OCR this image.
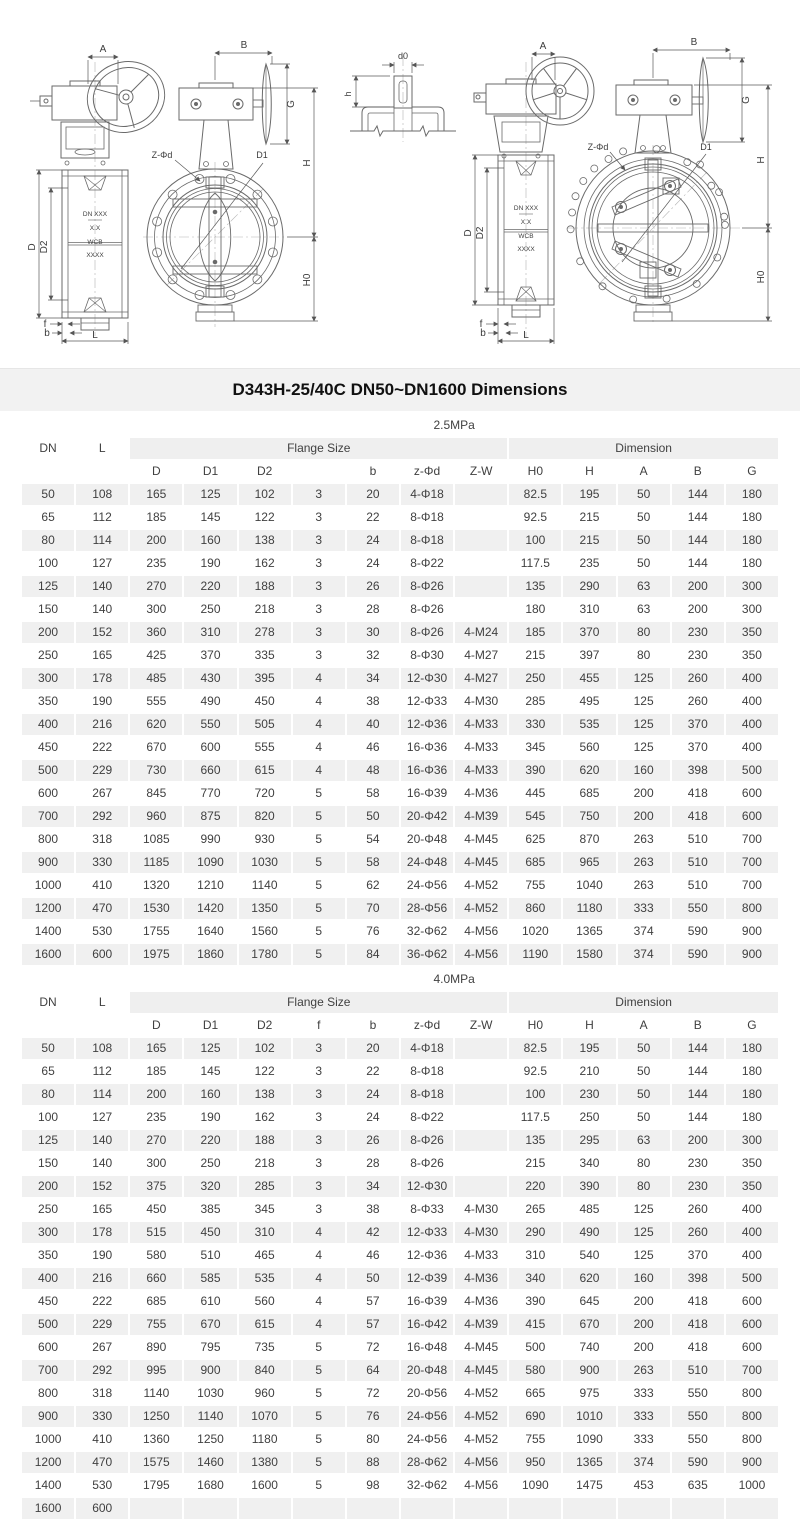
DN XXX
X.X
WCB
XXXX
A
D D2
f
b	L
B
G
H
H0
Z-Φd	D1
d0
h
DN XXX
X.X
WCB
XXXX
A
D D2
f
b	L
B
G
H
H0
Z-Φd	D1
D343H-25/40C DN50~DN1600 Dimensions
DN	L	2.5MPa											
		Flange Size							Dimension				
		D	D1	D2		b	z-Φd	Z-W	H0	H	A	B	G
50	108	165	125	102	3	20	4-Φ18		82.5	195	50	144	180
65	112	185	145	122	3	22	8-Φ18		92.5	215	50	144	180
80	114	200	160	138	3	24	8-Φ18		100	215	50	144	180
100	127	235	190	162	3	24	8-Φ22		117.5	235	50	144	180
125	140	270	220	188	3	26	8-Φ26		135	290	63	200	300
150	140	300	250	218	3	28	8-Φ26		180	310	63	200	300
200	152	360	310	278	3	30	8-Φ26	4-M24	185	370	80	230	350
250	165	425	370	335	3	32	8-Φ30	4-M27	215	397	80	230	350
300	178	485	430	395	4	34	12-Φ30	4-M27	250	455	125	260	400
350	190	555	490	450	4	38	12-Φ33	4-M30	285	495	125	260	400
400	216	620	550	505	4	40	12-Φ36	4-M33	330	535	125	370	400
450	222	670	600	555	4	46	16-Φ36	4-M33	345	560	125	370	400
500	229	730	660	615	4	48	16-Φ36	4-M33	390	620	160	398	500
600	267	845	770	720	5	58	16-Φ39	4-M36	445	685	200	418	600
700	292	960	875	820	5	50	20-Φ42	4-M39	545	750	200	418	600
800	318	1085	990	930	5	54	20-Φ48	4-M45	625	870	263	510	700
900	330	1185	1090	1030	5	58	24-Φ48	4-M45	685	965	263	510	700
1000	410	1320	1210	1140	5	62	24-Φ56	4-M52	755	1040	263	510	700
1200	470	1530	1420	1350	5	70	28-Φ56	4-M52	860	1180	333	550	800
1400	530	1755	1640	1560	5	76	32-Φ62	4-M56	1020	1365	374	590	900
1600	600	1975	1860	1780	5	84	36-Φ62	4-M56	1190	1580	374	590	900
DN	L	4.0MPa											
		Flange Size							Dimension				
		D	D1	D2	f	b	z-Φd	Z-W	H0	H	A	B	G
50	108	165	125	102	3	20	4-Φ18		82.5	195	50	144	180
65	112	185	145	122	3	22	8-Φ18		92.5	210	50	144	180
80	114	200	160	138	3	24	8-Φ18		100	230	50	144	180
100	127	235	190	162	3	24	8-Φ22		117.5	250	50	144	180
125	140	270	220	188	3	26	8-Φ26		135	295	63	200	300
150	140	300	250	218	3	28	8-Φ26		215	340	80	230	350
200	152	375	320	285	3	34	12-Φ30		220	390	80	230	350
250	165	450	385	345	3	38	8-Φ33	4-M30	265	485	125	260	400
300	178	515	450	310	4	42	12-Φ33	4-M30	290	490	125	260	400
350	190	580	510	465	4	46	12-Φ36	4-M33	310	540	125	370	400
400	216	660	585	535	4	50	12-Φ39	4-M36	340	620	160	398	500
450	222	685	610	560	4	57	16-Φ39	4-M36	390	645	200	418	600
500	229	755	670	615	4	57	16-Φ42	4-M39	415	670	200	418	600
600	267	890	795	735	5	72	16-Φ48	4-M45	500	740	200	418	600
700	292	995	900	840	5	64	20-Φ48	4-M45	580	900	263	510	700
800	318	1140	1030	960	5	72	20-Φ56	4-M52	665	975	333	550	800
900	330	1250	1140	1070	5	76	24-Φ56	4-M52	690	1010	333	550	800
1000	410	1360	1250	1180	5	80	24-Φ56	4-M52	755	1090	333	550	800
1200	470	1575	1460	1380	5	88	28-Φ62	4-M56	950	1365	374	590	900
1400	530	1795	1680	1600	5	98	32-Φ62	4-M56	1090	1475	453	635	1000
1600	600												
